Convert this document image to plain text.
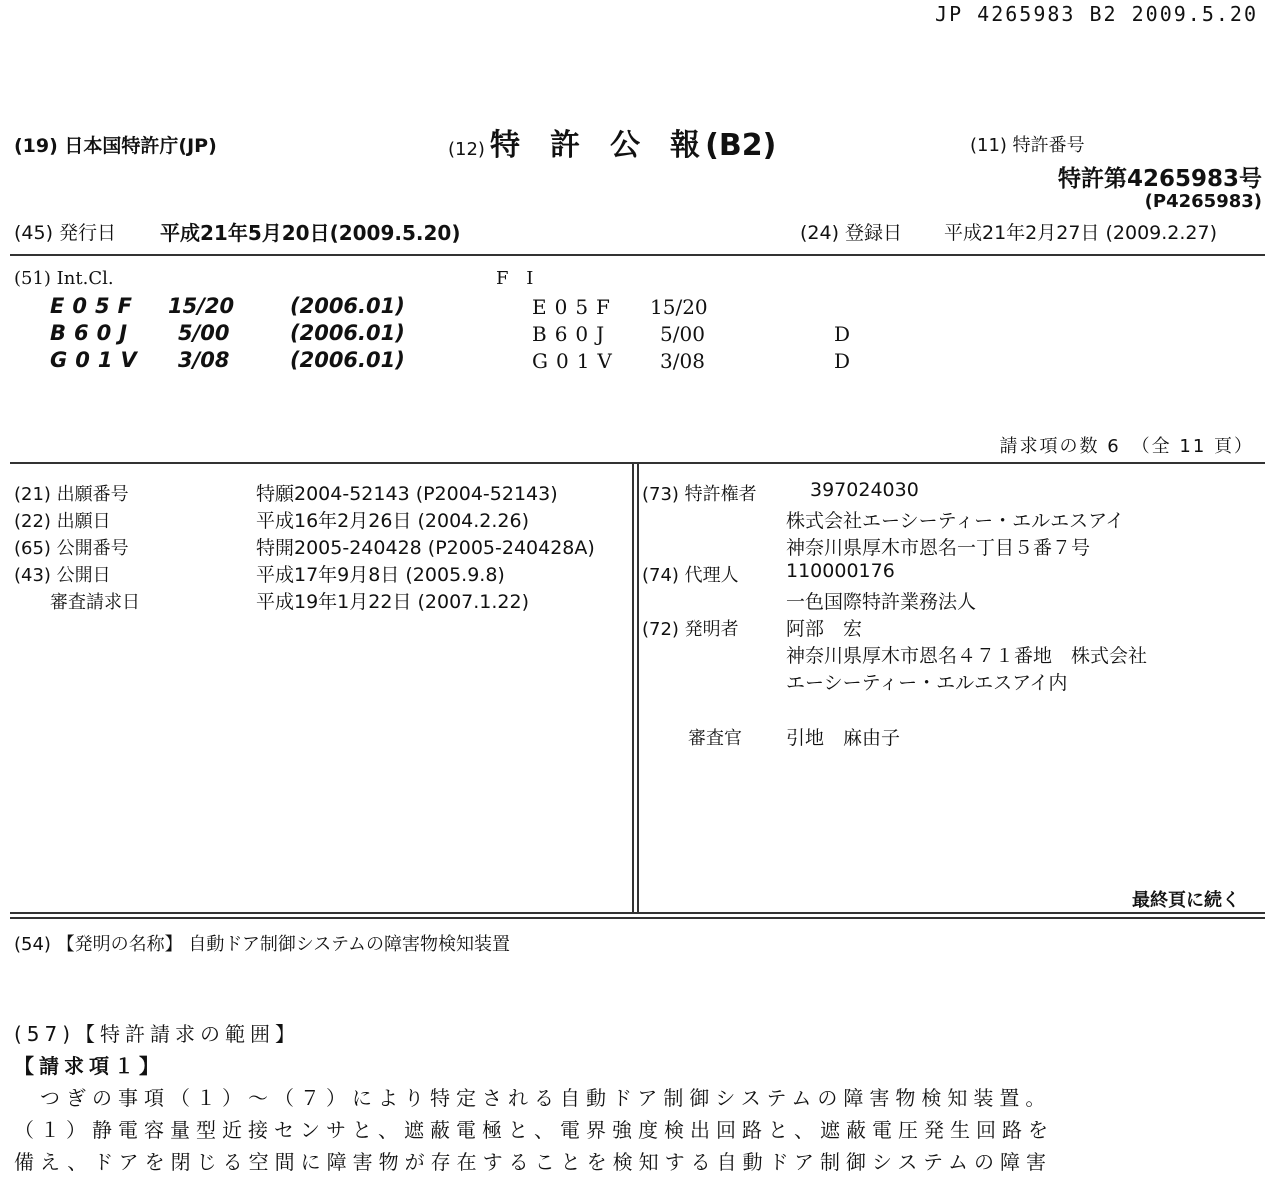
JP 4265983 B2 2009.5.20
(19) 日本国特許庁(JP)	(12) 特　許　公　報 (B2)	(11) 特許番号
特許第4265983号
(P4265983)
(45) 発行日 平成21年5月20日(2009.5.20)	(24) 登録日 平成21年2月27日 (2009.2.27)
(51) Int.Cl.	F I
E05F 15/20	(2006.01)	E05F 15/20
B60J 5/00	(2006.01)	B60J 5/00	D
G01V 3/08	(2006.01)	G01V 3/08	D
請求項の数 6　（全 11 頁）
(21) 出願番号	特願2004-52143 (P2004-52143)
(22) 出願日	平成16年2月26日 (2004.2.26)
(65) 公開番号	特開2005-240428 (P2005-240428A)
(43) 公開日	平成17年9月8日 (2005.9.8)
　　審査請求日	平成19年1月22日 (2007.1.22)
(73) 特許権者	397024030
株式会社エーシーティー・エルエスアイ
神奈川県厚木市恩名一丁目５番７号
(74) 代理人 110000176
一色国際特許業務法人
(72) 発明者 阿部　宏
神奈川県厚木市恩名４７１番地　株式会社
エーシーティー・エルエスアイ内
審査官 引地　麻由子
最終頁に続く
(54) 【発明の名称】 自動ドア制御システムの障害物検知装置
(57)【特許請求の範囲】
【請求項１】
つぎの事項（１）～（７）により特定される自動ドア制御システムの障害物検知装置。
（１）静電容量型近接センサと、遮蔽電極と、電界強度検出回路と、遮蔽電圧発生回路を
備え、ドアを閉じる空間に障害物が存在することを検知する自動ドア制御システムの障害
